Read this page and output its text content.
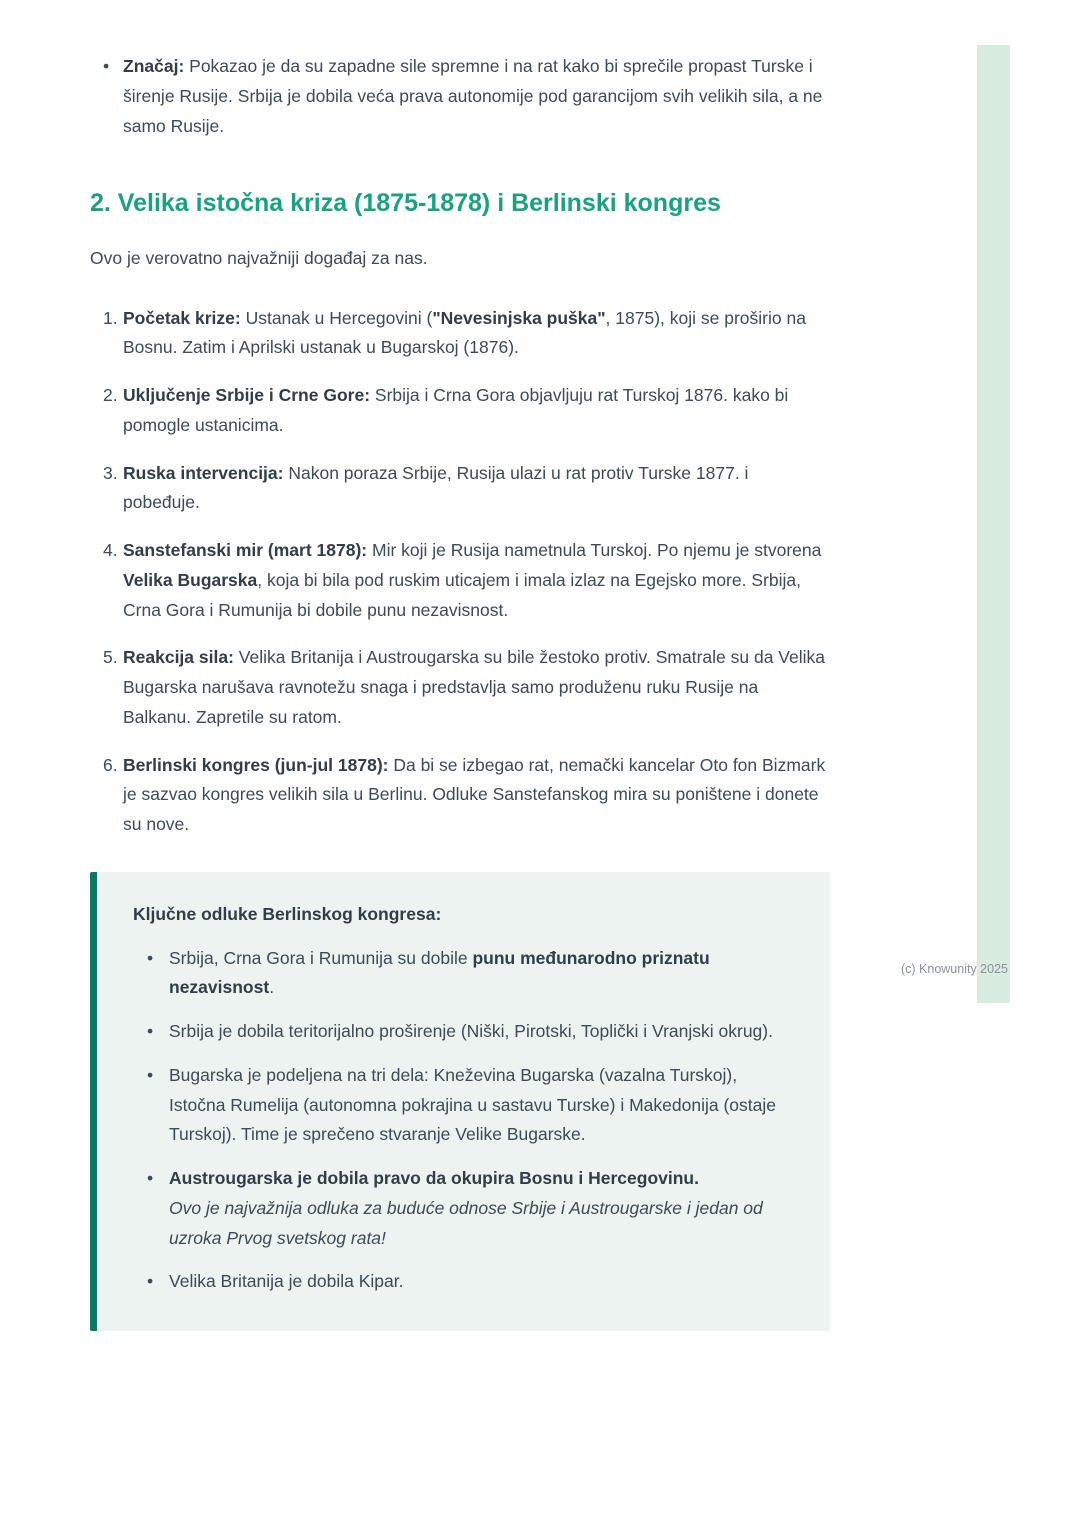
• Značaj: Pokazao je da su zapadne sile spremne i na rat kako bi sprečile propast Turske i širenje Rusije. Srbija je dobila veća prava autonomije pod garancijom svih velikih sila, a ne samo Rusije.

2. Velika istočna kriza (1875-1878) i Berlinski kongres

Ovo je verovatno najvažniji događaj za nas.

1. Početak krize: Ustanak u Hercegovini ("Nevesinjska puška", 1875), koji se proširio na Bosnu. Zatim i Aprilski ustanak u Bugarskoj (1876).

2. Uključenje Srbije i Crne Gore: Srbija i Crna Gora objavljuju rat Turskoj 1876. kako bi pomogle ustanicima.

3. Ruska intervencija: Nakon poraza Srbije, Rusija ulazi u rat protiv Turske 1877. i pobeđuje.

4. Sanstefanski mir (mart 1878): Mir koji je Rusija nametnula Turskoj. Po njemu je stvorena Velika Bugarska, koja bi bila pod ruskim uticajem i imala izlaz na Egejsko more. Srbija, Crna Gora i Rumunija bi dobile punu nezavisnost.

5. Reakcija sila: Velika Britanija i Austrougarska su bile žestoko protiv. Smatrale su da Velika Bugarska narušava ravnotežu snaga i predstavlja samo produženu ruku Rusije na Balkanu. Zapretile su ratom.

6. Berlinski kongres (jun-jul 1878): Da bi se izbegao rat, nemački kancelar Oto fon Bizmark je sazvao kongres velikih sila u Berlinu. Odluke Sanstefanskog mira su poništene i donete su nove.

Ključne odluke Berlinskog kongresa:

• Srbija, Crna Gora i Rumunija su dobile punu međunarodno priznatu nezavisnost.

• Srbija je dobila teritorijalno proširenje (Niški, Pirotski, Toplički i Vranjski okrug).

• Bugarska je podeljena na tri dela: Kneževina Bugarska (vazalna Turskoj), Istočna Rumelija (autonomna pokrajina u sastavu Turske) i Makedonija (ostaje Turskoj). Time je sprečeno stvaranje Velike Bugarske.

• Austrougarska je dobila pravo da okupira Bosnu i Hercegovinu.
Ovo je najvažnija odluka za buduće odnose Srbije i Austrougarske i jedan od uzroka Prvog svetskog rata!

• Velika Britanija je dobila Kipar.

(c) Knowunity 2025
